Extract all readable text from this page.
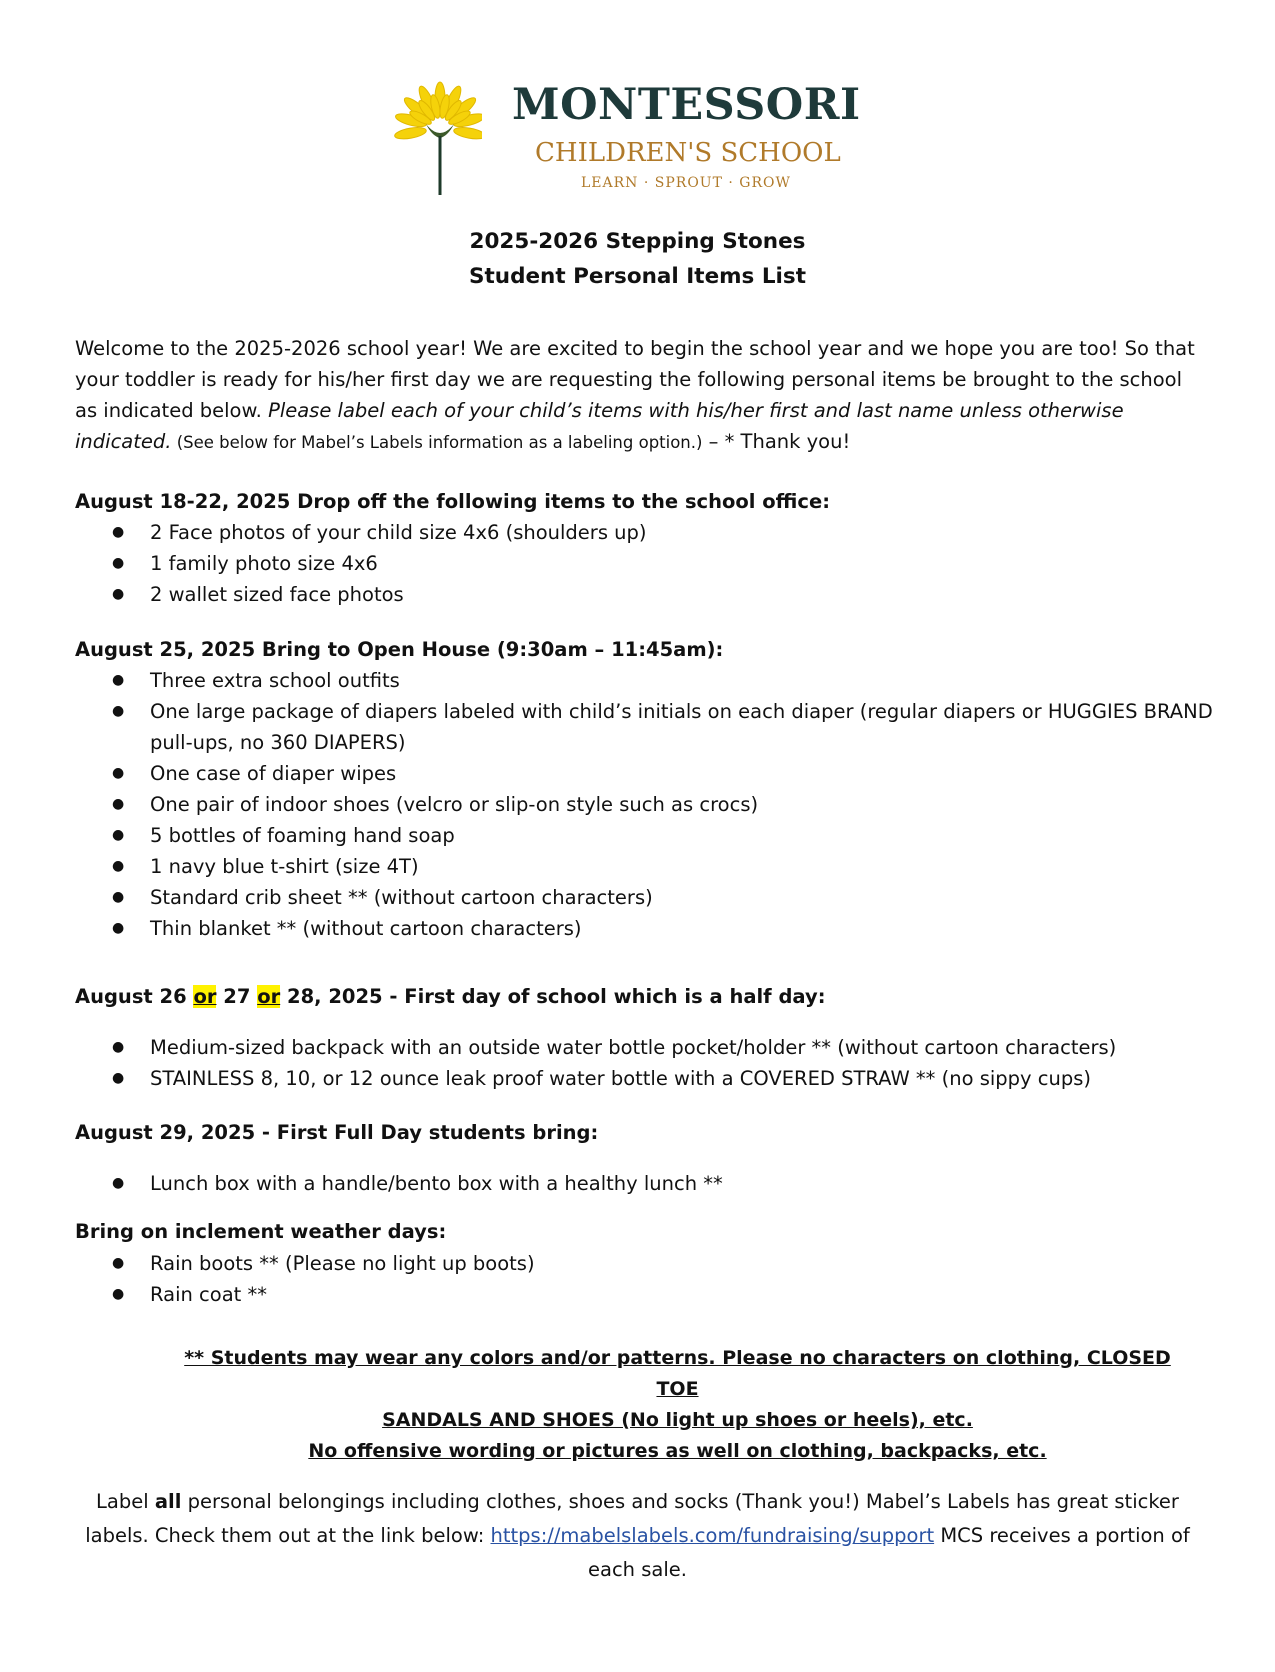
MONTESSORI
CHILDREN'S SCHOOL
LEARN · SPROUT · GROW
2025-2026 Stepping Stones
Student Personal Items List
Welcome to the 2025-2026 school year! We are excited to begin the school year and we hope you are too! So that your toddler is ready for his/her first day we are requesting the following personal items be brought to the school as indicated below. Please label each of your child’s items with his/her first and last name unless otherwise indicated. (See below for Mabel’s Labels information as a labeling option.) – * Thank you!
August 18-22, 2025 Drop off the following items to the school office:
● 2 Face photos of your child size 4x6 (shoulders up)
● 1 family photo size 4x6
● 2 wallet sized face photos
August 25, 2025 Bring to Open House (9:30am – 11:45am):
● Three extra school outfits
● One large package of diapers labeled with child’s initials on each diaper (regular diapers or HUGGIES BRAND pull-ups, no 360 DIAPERS)
● One case of diaper wipes
● One pair of indoor shoes (velcro or slip-on style such as crocs)
● 5 bottles of foaming hand soap
● 1 navy blue t-shirt (size 4T)
● Standard crib sheet ** (without cartoon characters)
● Thin blanket ** (without cartoon characters)
August 26 or 27 or 28, 2025 - First day of school which is a half day:
● Medium-sized backpack with an outside water bottle pocket/holder ** (without cartoon characters)
● STAINLESS 8, 10, or 12 ounce leak proof water bottle with a COVERED STRAW ** (no sippy cups)
August 29, 2025 - First Full Day students bring:
● Lunch box with a handle/bento box with a healthy lunch **
Bring on inclement weather days:
● Rain boots ** (Please no light up boots)
● Rain coat **
** Students may wear any colors and/or patterns. Please no characters on clothing, CLOSED TOE
SANDALS AND SHOES (No light up shoes or heels), etc.
No offensive wording or pictures as well on clothing, backpacks, etc.
Label all personal belongings including clothes, shoes and socks (Thank you!) Mabel’s Labels has great sticker labels. Check them out at the link below: https://mabelslabels.com/fundraising/support MCS receives a portion of each sale.
